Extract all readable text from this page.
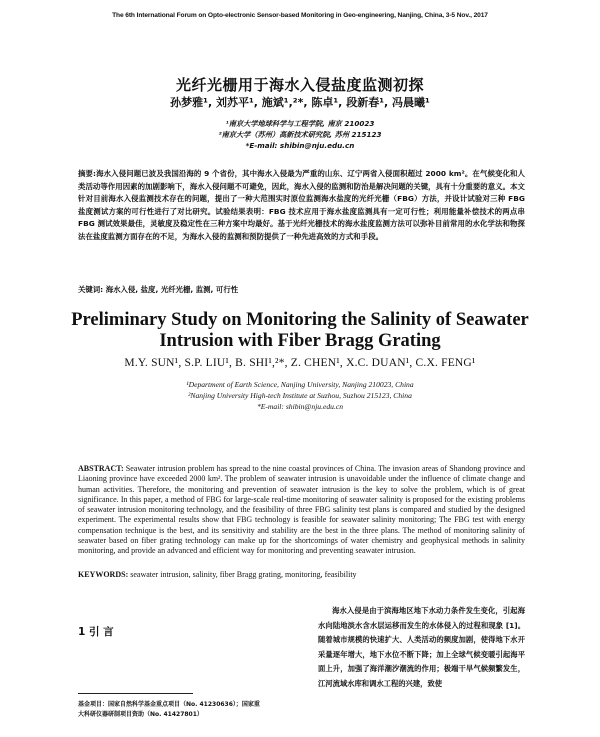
The 6th International Forum on Opto-electronic Sensor-based Monitoring in Geo-engineering, Nanjing, China, 3-5 Nov., 2017
光纤光栅用于海水入侵盐度监测初探
孙梦雅¹, 刘苏平¹, 施斌¹,²*, 陈卓¹, 段新春¹, 冯晨曦¹
¹南京大学地球科学与工程学院, 南京 210023
²南京大学（苏州）高新技术研究院, 苏州 215123
*E-mail: shibin@nju.edu.cn
摘要:海水入侵问题已波及我国沿海的 9 个省份，其中海水入侵最为严重的山东、辽宁两省入侵面积超过 2000 km²。在气候变化和人类活动等作用因素的加剧影响下，海水入侵问题不可避免，因此，海水入侵的监测和防治是解决问题的关键，具有十分重要的意义。本文针对目前海水入侵监测技术存在的问题，提出了一种大范围实时原位监测海水盐度的光纤光栅（FBG）方法，并设计试验对三种 FBG 盐度测试方案的可行性进行了对比研究。试验结果表明：FBG 技术应用于海水盐度监测具有一定可行性；利用能量补偿技术的两点串 FBG 测试效果最佳，灵敏度及稳定性在三种方案中均最好。基于光纤光栅技术的海水盐度监测方法可以弥补目前常用的水化学法和物探法在盐度监测方面存在的不足，为海水入侵的监测和预防提供了一种先进高效的方式和手段。
关键词: 海水入侵, 盐度, 光纤光栅, 监测, 可行性
Preliminary Study on Monitoring the Salinity of Seawater
Intrusion with Fiber Bragg Grating
M.Y. SUN¹, S.P. LIU¹, B. SHI¹,²*, Z. CHEN¹, X.C. DUAN¹, C.X. FENG¹
¹Department of Earth Science, Nanjing University, Nanjing 210023, China
²Nanjing University High-tech Institute at Suzhou, Suzhou 215123, China
*E-mail: shibin@nju.edu.cn
ABSTRACT: Seawater intrusion problem has spread to the nine coastal provinces of China. The invasion areas of Shandong province and Liaoning province have exceeded 2000 km². The problem of seawater intrusion is unavoidable under the influence of climate change and human activities. Therefore, the monitoring and prevention of seawater intrusion is the key to solve the problem, which is of great significance. In this paper, a method of FBG for large-scale real-time monitoring of seawater salinity is proposed for the existing problems of seawater intrusion monitoring technology, and the feasibility of three FBG salinity test plans is compared and studied by the designed experiment. The experimental results show that FBG technology is feasible for seawater salinity monitoring; The FBG test with energy compensation technique is the best, and its sensitivity and stability are the best in the three plans. The method of monitoring salinity of seawater based on fiber grating technology can make up for the shortcomings of water chemistry and geophysical methods in salinity monitoring, and provide an advanced and efficient way for monitoring and preventing seawater intrusion.
KEYWORDS: seawater intrusion, salinity, fiber Bragg grating, monitoring, feasibility
1 引 言
基金项目：国家自然科学基金重点项目（No. 41230636）；国家重
大科研仪器研制项目资助（No. 41427801）
海水入侵是由于滨海地区地下水动力条件发生变化，引起海水向陆地淡水含水层运移而发生的水体侵入的过程和现象 [1]。随着城市规模的快速扩大、人类活动的频度加剧，使得地下水开采量逐年增大，地下水位不断下降；加上全球气候变暖引起海平面上升，加强了海洋潮汐潮流的作用；极端干旱气候频繁发生，江河流域水库和调水工程的兴建，致使
